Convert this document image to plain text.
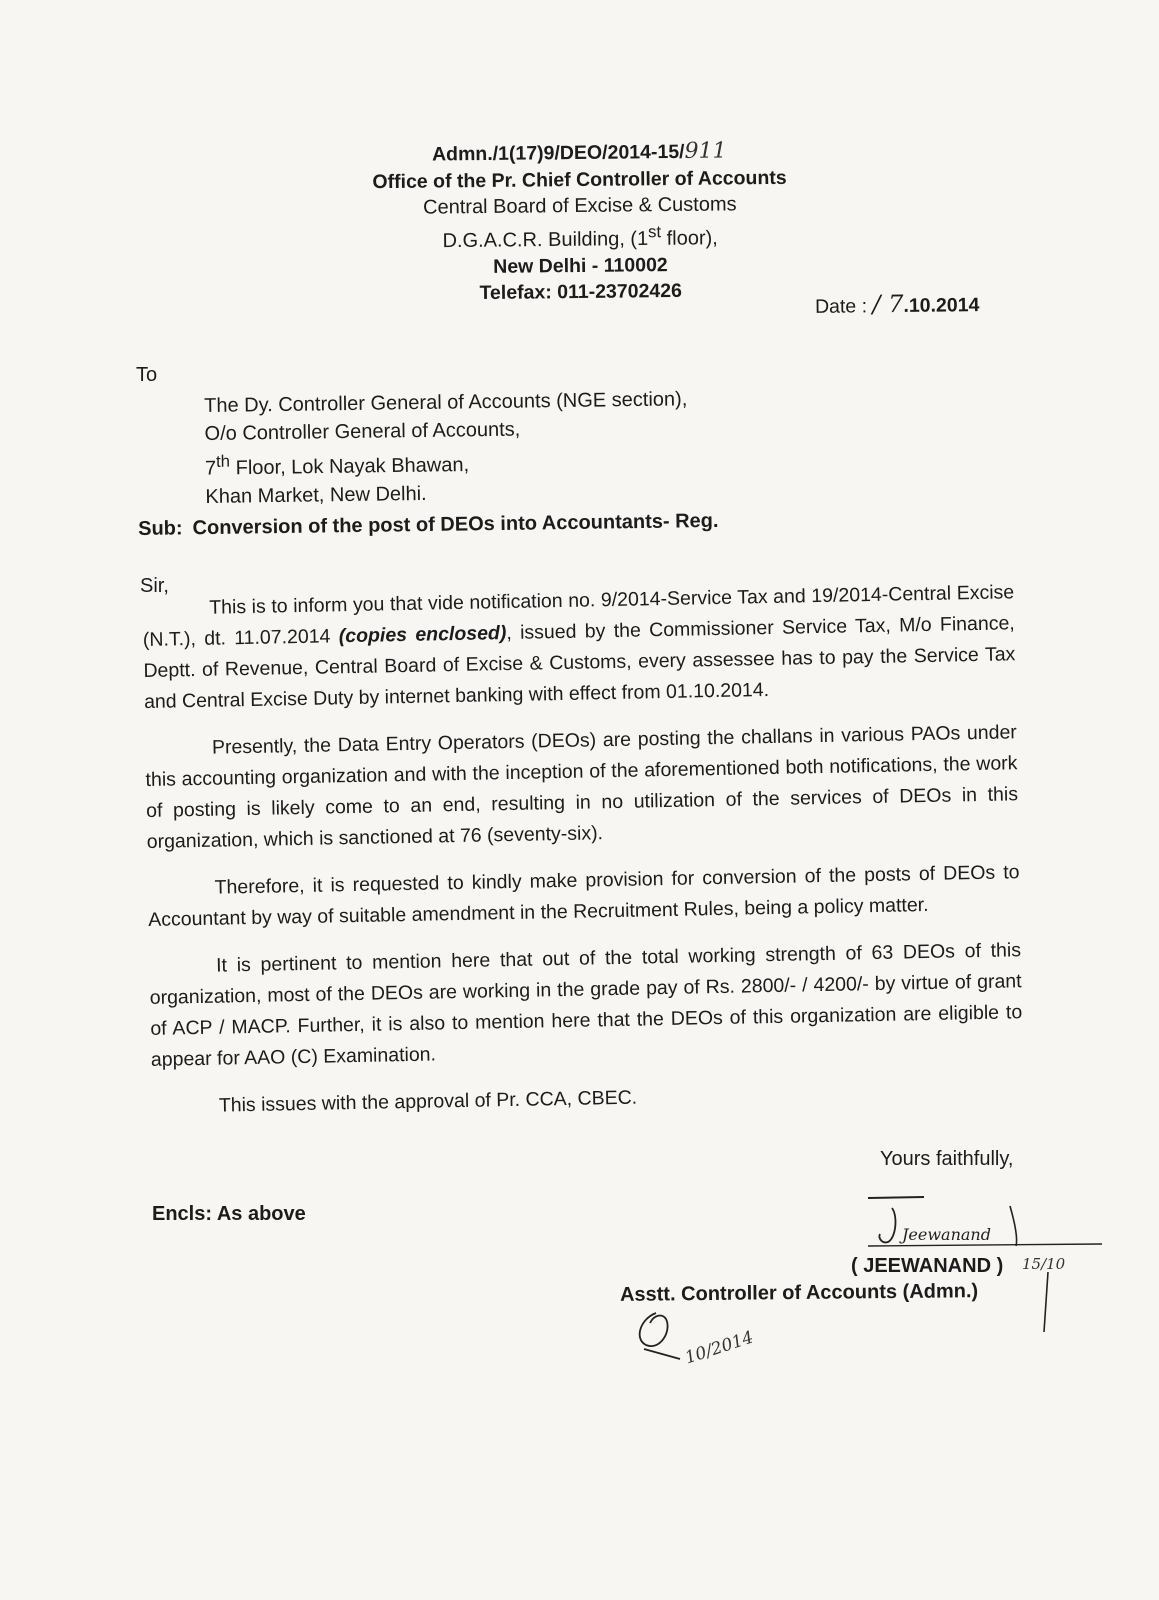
Admn./1(17)9/DEO/2014-15/911
Office of the Pr. Chief Controller of Accounts
Central Board of Excise & Customs
D.G.A.C.R. Building, (1st floor),
New Delhi - 110002
Telefax: 011-23702426
Date : / 7.10.2014
To
The Dy. Controller General of Accounts (NGE section),
O/o Controller General of Accounts,
7th Floor, Lok Nayak Bhawan,
Khan Market, New Delhi.
Sub: Conversion of the post of DEOs into Accountants- Reg.
Sir,	This is to inform you that vide notification no. 9/2014-Service Tax and 19/2014-Central Excise (N.T.), dt. 11.07.2014 (copies enclosed), issued by the Commissioner Service Tax, M/o Finance, Deptt. of Revenue, Central Board of Excise & Customs, every assessee has to pay the Service Tax and Central Excise Duty by internet banking with effect from 01.10.2014.

Presently, the Data Entry Operators (DEOs) are posting the challans in various PAOs under this accounting organization and with the inception of the aforementioned both notifications, the work of posting is likely come to an end, resulting in no utilization of the services of DEOs in this organization, which is sanctioned at 76 (seventy-six).

Therefore, it is requested to kindly make provision for conversion of the posts of DEOs to Accountant by way of suitable amendment in the Recruitment Rules, being a policy matter.

It is pertinent to mention here that out of the total working strength of 63 DEOs of this organization, most of the DEOs are working in the grade pay of Rs. 2800/- / 4200/- by virtue of grant of ACP / MACP. Further, it is also to mention here that the DEOs of this organization are eligible to appear for AAO (C) Examination.

This issues with the approval of Pr. CCA, CBEC.

Yours faithfully,
Encls: As above
Jeewanand
( JEEWANAND ) 15/10
Asstt. Controller of Accounts (Admn.)
10/2014
